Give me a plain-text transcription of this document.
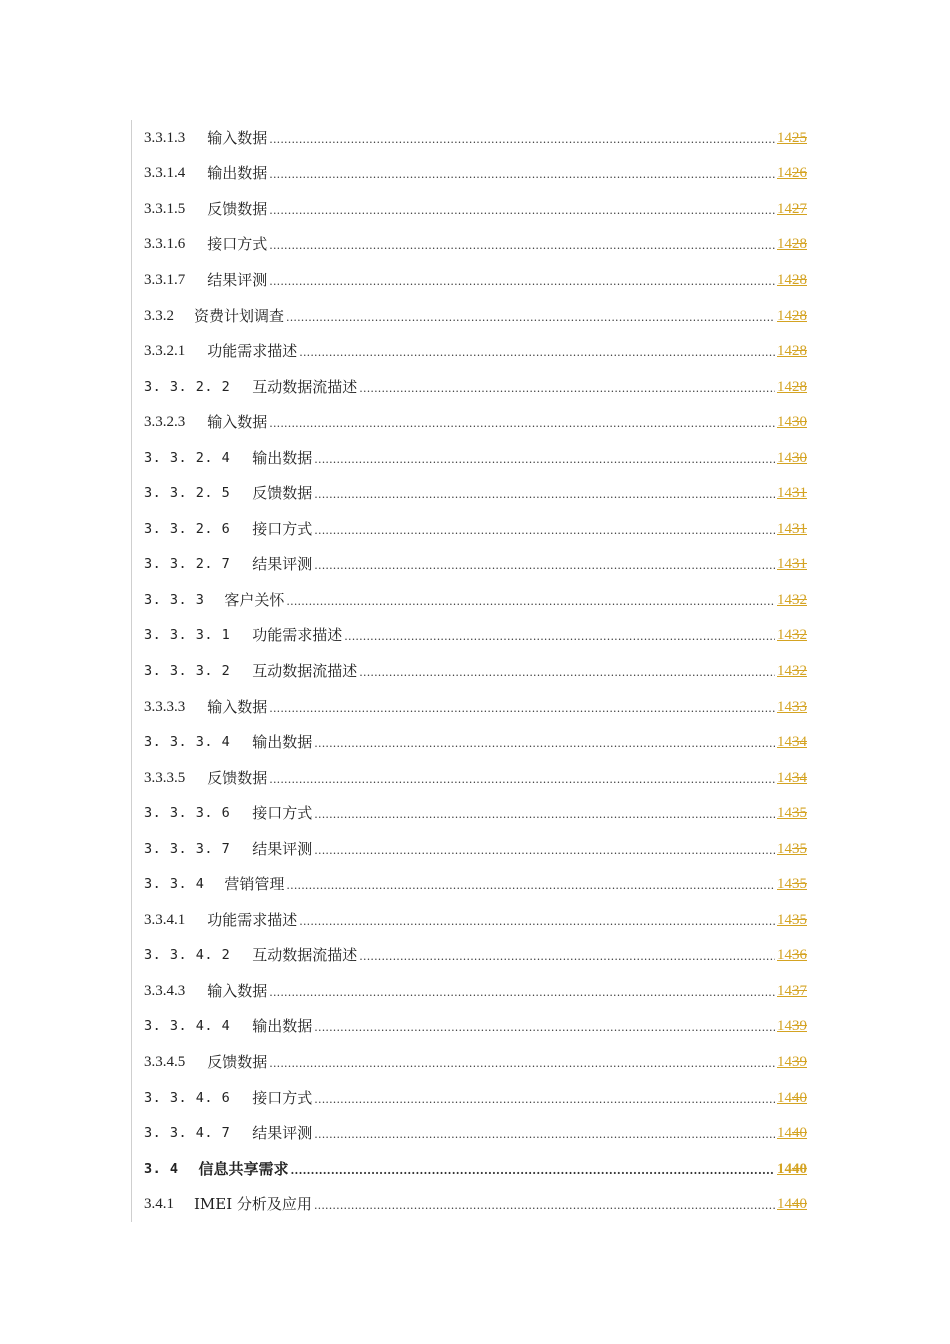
3.3.1.3 输入数据 .....	1425
3.3.1.4 输出数据 .....	1426
3.3.1.5 反馈数据 .....	1427
3.3.1.6 接口方式 .....	1428
3.3.1.7 结果评测 .....	1428
3.3.2 资费计划调查 .....	1428
3.3.2.1 功能需求描述 .....	1428
3. 3. 2. 2 互动数据流描述 .....	1428
3.3.2.3 输入数据 .....	1430
3. 3. 2. 4 输出数据 .....	1430
3. 3. 2. 5 反馈数据 .....	1431
3. 3. 2. 6 接口方式 .....	1431
3. 3. 2. 7 结果评测 .....	1431
3. 3. 3 客户关怀 .....	1432
3. 3. 3. 1 功能需求描述 .....	1432
3. 3. 3. 2 互动数据流描述 .....	1432
3.3.3.3 输入数据 .....	1433
3. 3. 3. 4 输出数据 .....	1434
3.3.3.5 反馈数据 .....	1434
3. 3. 3. 6 接口方式 .....	1435
3. 3. 3. 7 结果评测 .....	1435
3. 3. 4 营销管理 .....	1435
3.3.4.1 功能需求描述 .....	1435
3. 3. 4. 2 互动数据流描述 .....	1436
3.3.4.3 输入数据 .....	1437
3. 3. 4. 4 输出数据 .....	1439
3.3.4.5 反馈数据 .....	1439
3. 3. 4. 6 接口方式 .....	1440
3. 3. 4. 7 结果评测 .....	1440
3. 4 信息共享需求 .....	1440
3.4.1 IMEI 分析及应用 .....	1440
